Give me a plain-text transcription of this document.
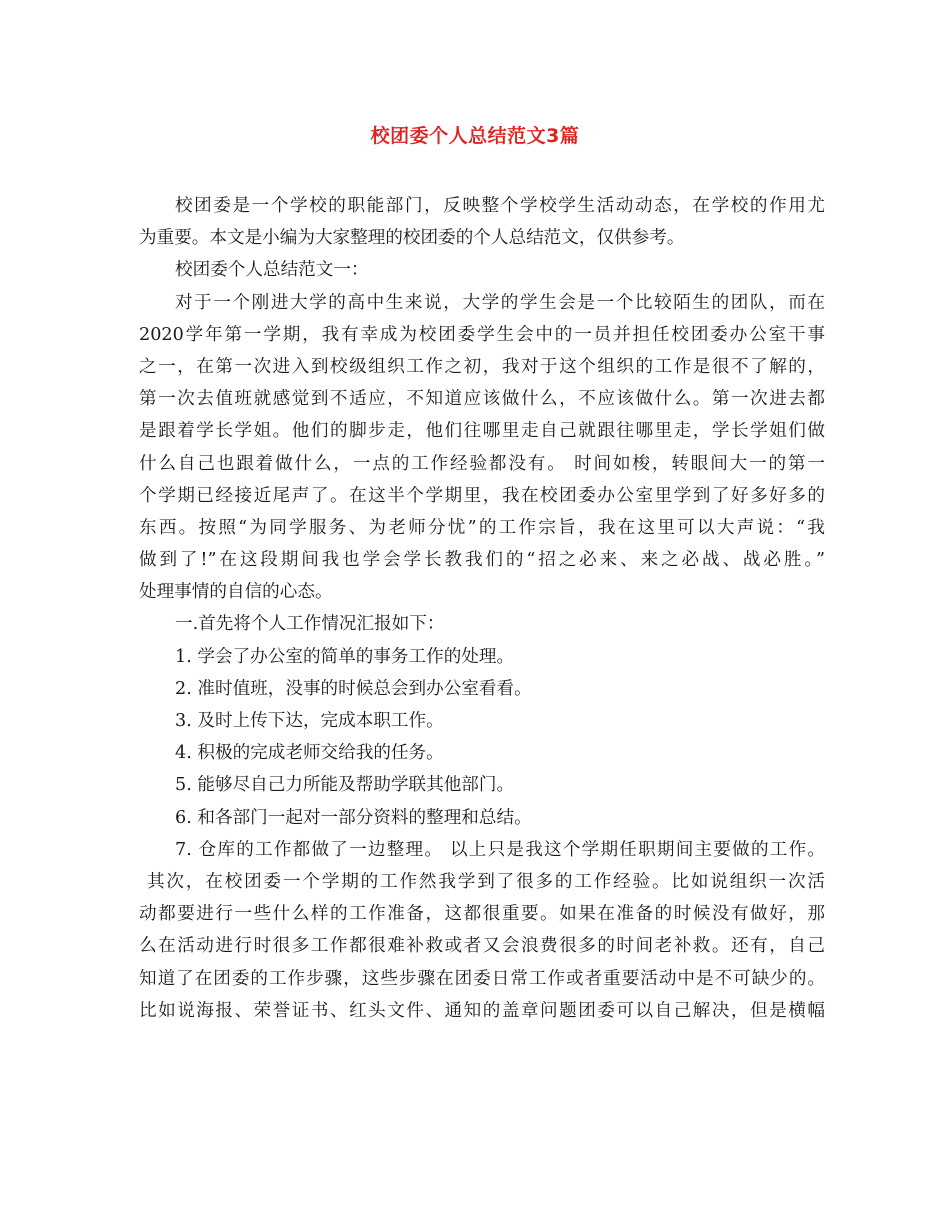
校团委个人总结范文3篇
校团委是一个学校的职能部门，反映整个学校学生活动动态，在学校的作用尤
为重要。本文是小编为大家整理的校团委的个人总结范文，仅供参考。
校团委个人总结范文一：
对于一个刚进大学的高中生来说，大学的学生会是一个比较陌生的团队，而在
2020学年第一学期，我有幸成为校团委学生会中的一员并担任校团委办公室干事
之一，在第一次进入到校级组织工作之初，我对于这个组织的工作是很不了解的，
第一次去值班就感觉到不适应，不知道应该做什么，不应该做什么。第一次进去都
是跟着学长学姐。他们的脚步走，他们往哪里走自己就跟往哪里走，学长学姐们做
什么自己也跟着做什么，一点的工作经验都没有。 时间如梭，转眼间大一的第一
个学期已经接近尾声了。在这半个学期里，我在校团委办公室里学到了好多好多的
东西。按照“为同学服务、为老师分忧”的工作宗旨，我在这里可以大声说：“我
做到了!”在这段期间我也学会学长教我们的“招之必来、来之必战、战必胜。”
处理事情的自信的心态。
一.首先将个人工作情况汇报如下：
1. 学会了办公室的简单的事务工作的处理。
2. 准时值班，没事的时候总会到办公室看看。
3. 及时上传下达，完成本职工作。
4. 积极的完成老师交给我的任务。
5. 能够尽自己力所能及帮助学联其他部门。
6. 和各部门一起对一部分资料的整理和总结。
7. 仓库的工作都做了一边整理。 以上只是我这个学期任职期间主要做的工作。
其次，在校团委一个学期的工作然我学到了很多的工作经验。比如说组织一次活
动都要进行一些什么样的工作准备，这都很重要。如果在准备的时候没有做好，那
么在活动进行时很多工作都很难补救或者又会浪费很多的时间老补救。还有，自己
知道了在团委的工作步骤，这些步骤在团委日常工作或者重要活动中是不可缺少的。
比如说海报、荣誉证书、红头文件、通知的盖章问题团委可以自己解决，但是横幅
